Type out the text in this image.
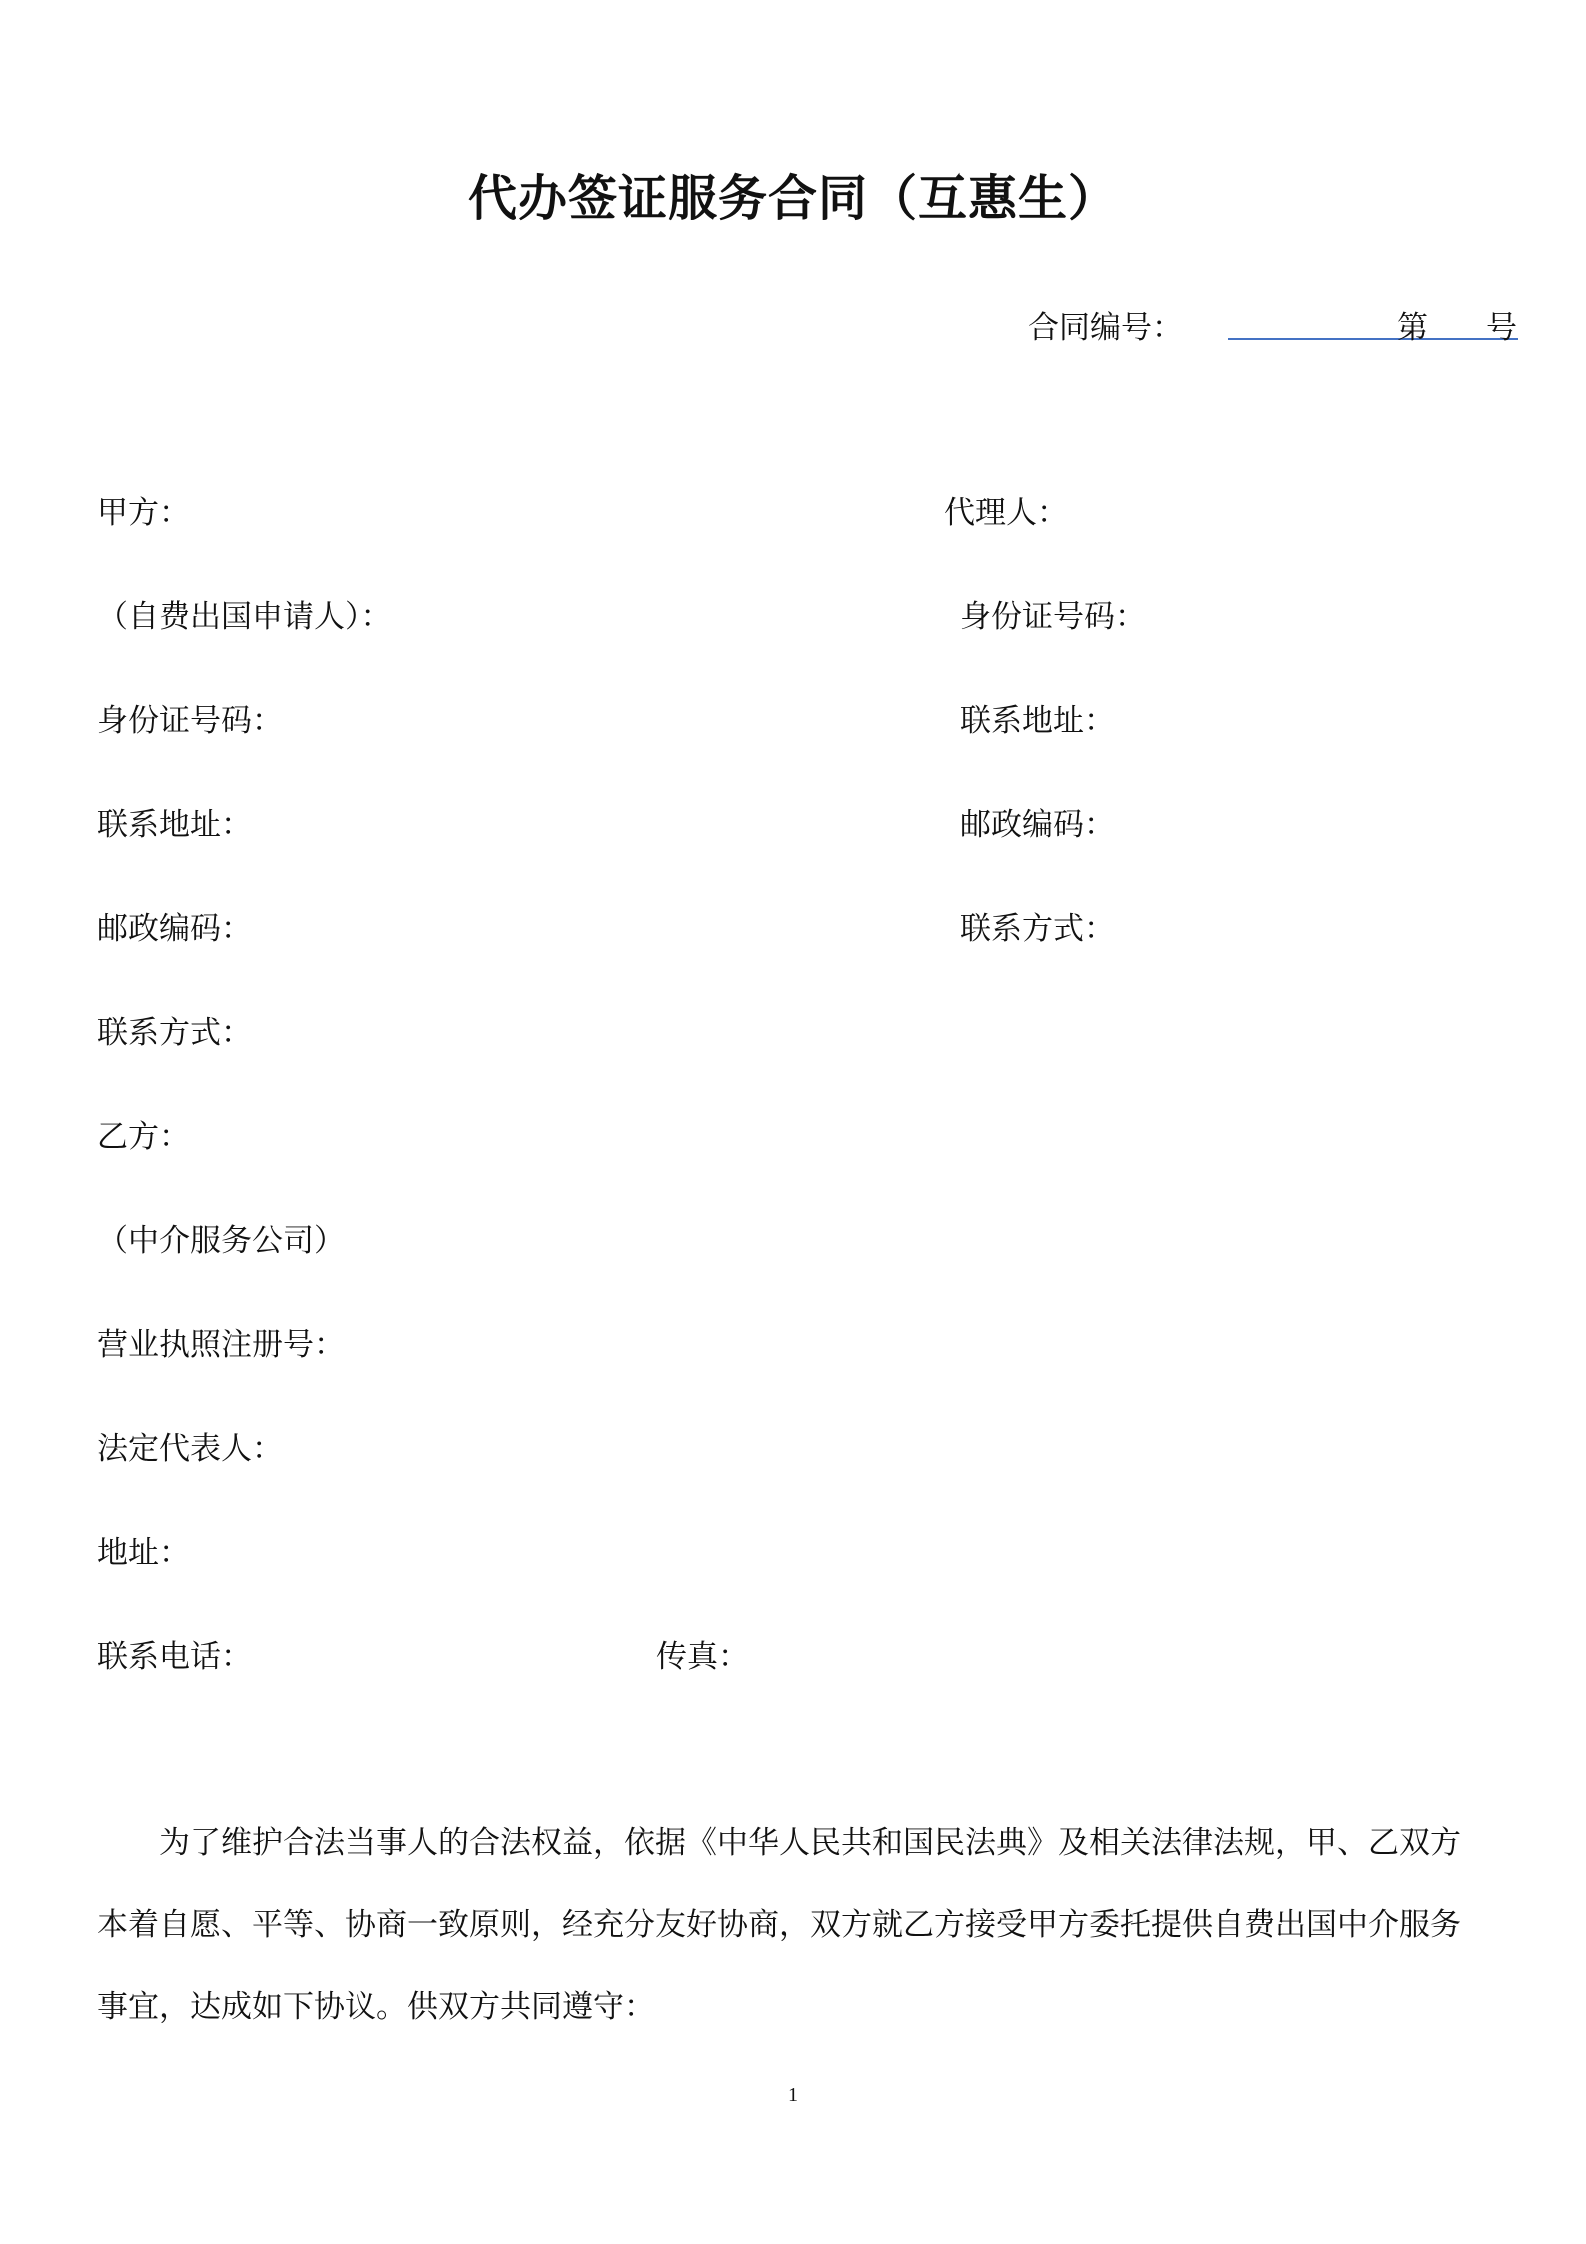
代办签证服务合同（互惠生）
合同编号：	第 号
甲方：
（自费出国申请人）：
身份证号码：
联系地址：
邮政编码：
联系方式：
代理人：
身份证号码：
联系地址：
邮政编码：
联系方式：
乙方：
（中介服务公司）
营业执照注册号：
法定代表人：
地址：
联系电话：	传真：
为了维护合法当事人的合法权益，依据《中华人民共和国民法典》及相关法律法规，甲、乙双方
本着自愿、平等、协商一致原则，经充分友好协商，双方就乙方接受甲方委托提供自费出国中介服务
事宜，达成如下协议。供双方共同遵守：
1
